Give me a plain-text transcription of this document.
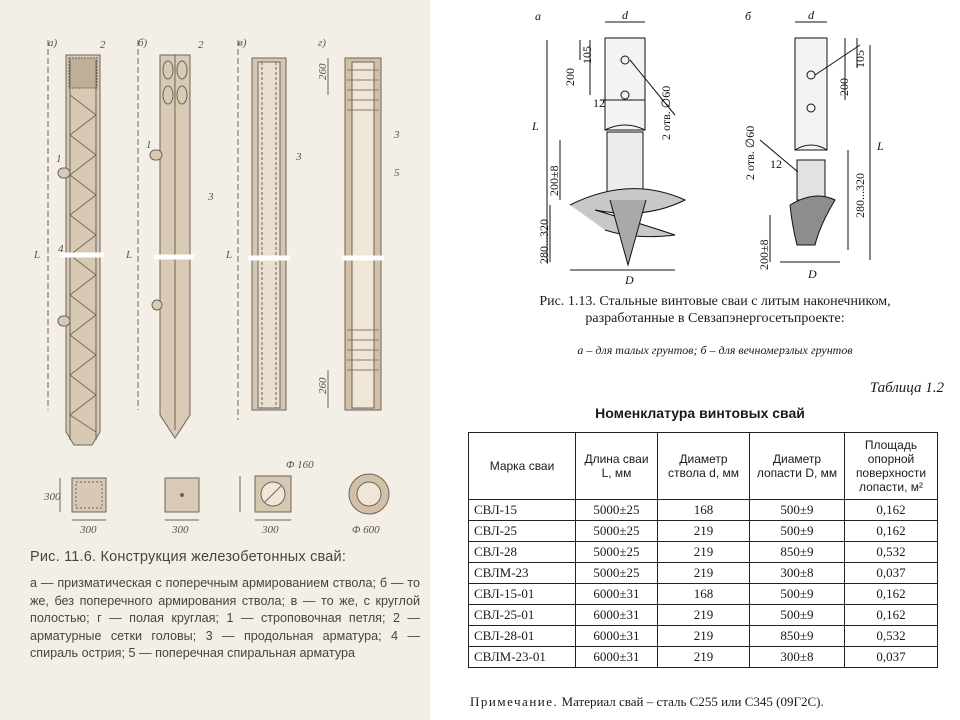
а)	б)	в)	г)
2
1
4
2
1
3
3
3
5
L	L	L
260
260
300	300	300
300
Φ 160
Φ 600
Рис. 11.6. Конструкция железобетонных свай:
а — призматическая с поперечным армированием ствола; б — то же, без поперечного армирования ствола; в — то же, с круглой полостью; г — полая круглая; 1 — строповочная петля; 2 — арматурные сетки головы; 3 — продольная арматура; 4 — спираль острия; 5 — поперечная спиральная арматура
а	б
d	d
D	D
L
L
105
200
105
200
12
12
2 отв. ∅60
2 отв. ∅60
200±8
280...320
280...320
200±8
Рис. 1.13. Стальные винтовые сваи с литым наконечником, разработанные в Севзапэнергосетьпроекте:
а – для талых грунтов; б – для вечномерзлых грунтов
Таблица 1.2
Номенклатура винтовых свай
Марка сваи	Длина сваи L, мм	Диаметр ствола d, мм	Диаметр лопасти D, мм	Площадь опорной поверхности лопасти, м²
СВЛ-15	5000±25	168	500±9	0,162
СВЛ-25	5000±25	219	500±9	0,162
СВЛ-28	5000±25	219	850±9	0,532
СВЛМ-23	5000±25	219	300±8	0,037
СВЛ-15-01	6000±31	168	500±9	0,162
СВЛ-25-01	6000±31	219	500±9	0,162
СВЛ-28-01	6000±31	219	850±9	0,532
СВЛМ-23-01	6000±31	219	300±8	0,037
Примечание. Материал свай – сталь С255 или С345 (09Г2С).
